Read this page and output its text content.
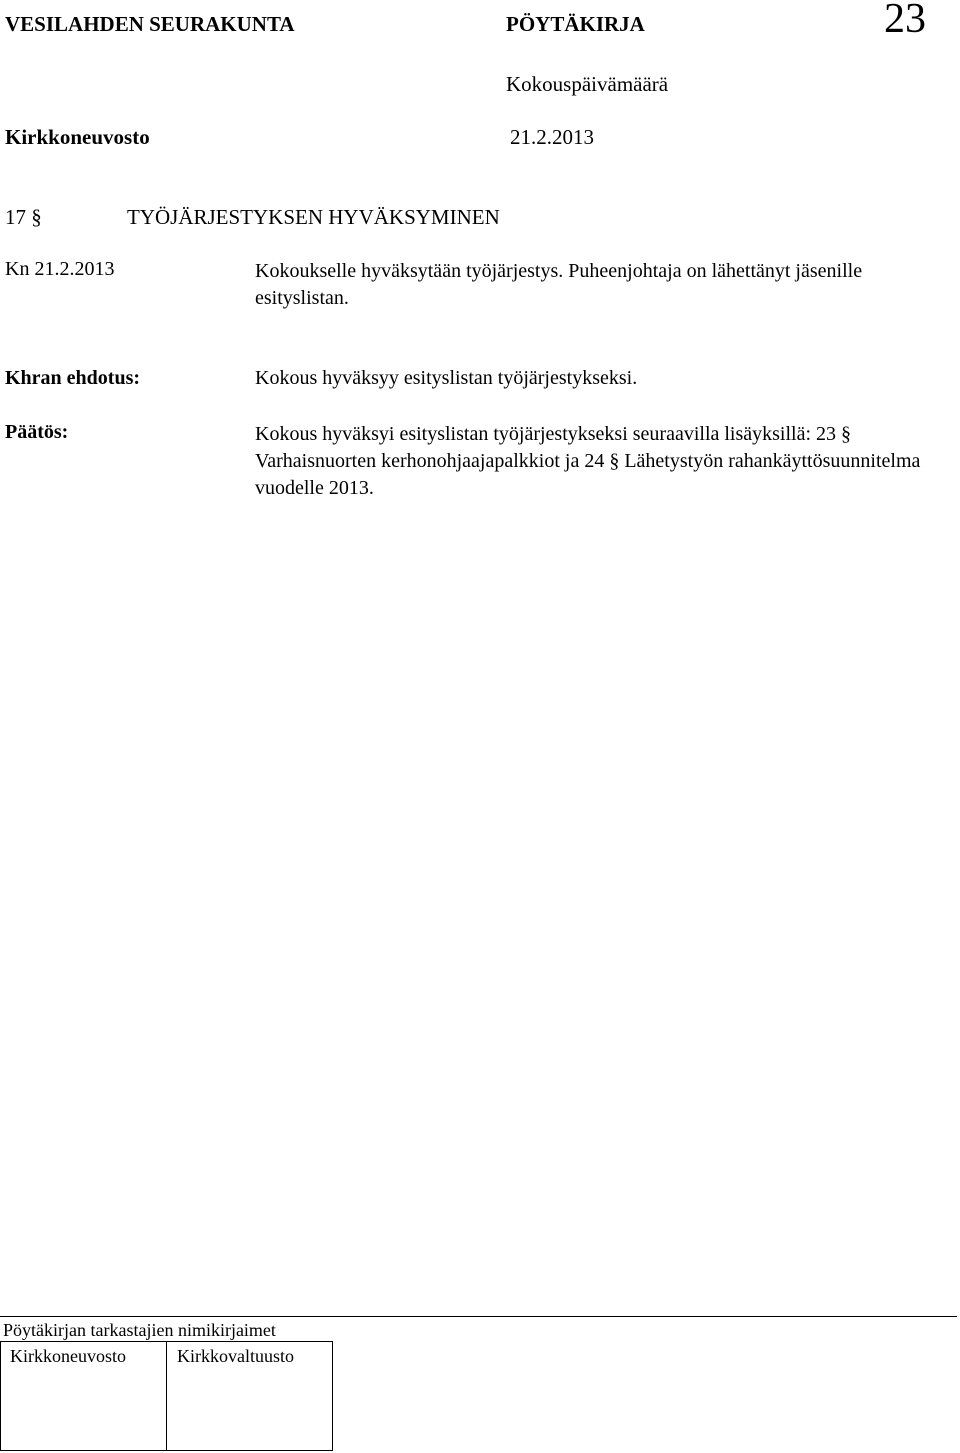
VESILAHDEN SEURAKUNTA	PÖYTÄKIRJA	23
Kokouspäivämäärä
Kirkkoneuvosto	21.2.2013
17 §	TYÖJÄRJESTYKSEN HYVÄKSYMINEN
Kn 21.2.2013	Kokoukselle hyväksytään työjärjestys. Puheenjohtaja on lähettänyt jäsenille esityslistan.
Khran ehdotus:	Kokous hyväksyy esityslistan työjärjestykseksi.
Päätös:	Kokous hyväksyi esityslistan työjärjestykseksi seuraavilla lisäyksillä: 23 § Varhaisnuorten kerhonohjaajapalkkiot ja 24 § Lähetystyön rahankäyttösuunnitelma vuodelle 2013.
Pöytäkirjan tarkastajien nimikirjaimet
Kirkkoneuvosto	Kirkkovaltuusto
